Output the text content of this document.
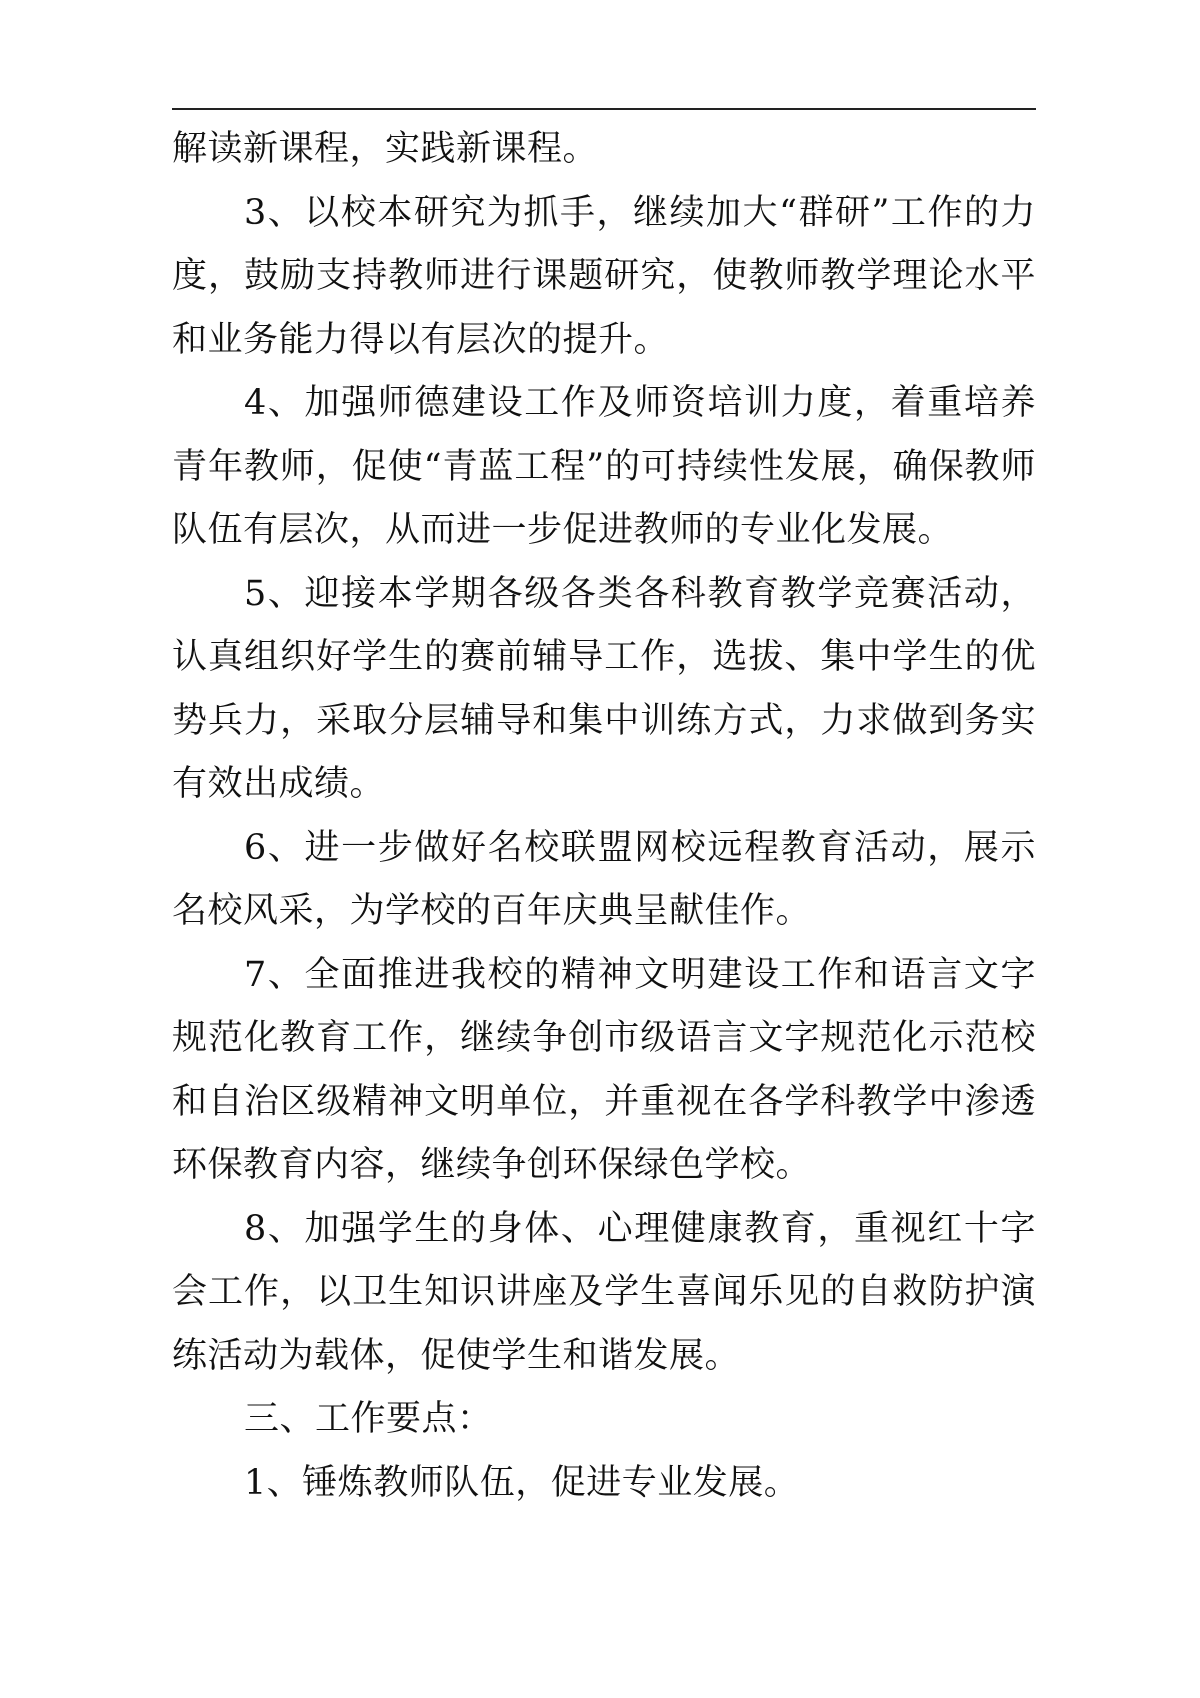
解读新课程，实践新课程。

3、以校本研究为抓手，继续加大“群研”工作的力度，鼓励支持教师进行课题研究，使教师教学理论水平和业务能力得以有层次的提升。

4、加强师德建设工作及师资培训力度，着重培养青年教师，促使“青蓝工程”的可持续性发展，确保教师队伍有层次，从而进一步促进教师的专业化发展。

5、迎接本学期各级各类各科教育教学竞赛活动，认真组织好学生的赛前辅导工作，选拔、集中学生的优势兵力，采取分层辅导和集中训练方式，力求做到务实有效出成绩。

6、进一步做好名校联盟网校远程教育活动，展示名校风采，为学校的百年庆典呈献佳作。

7、全面推进我校的精神文明建设工作和语言文字规范化教育工作，继续争创市级语言文字规范化示范校和自治区级精神文明单位，并重视在各学科教学中渗透环保教育内容，继续争创环保绿色学校。

8、加强学生的身体、心理健康教育，重视红十字会工作，以卫生知识讲座及学生喜闻乐见的自救防护演练活动为载体，促使学生和谐发展。

三、工作要点：

1、锤炼教师队伍，促进专业发展。
